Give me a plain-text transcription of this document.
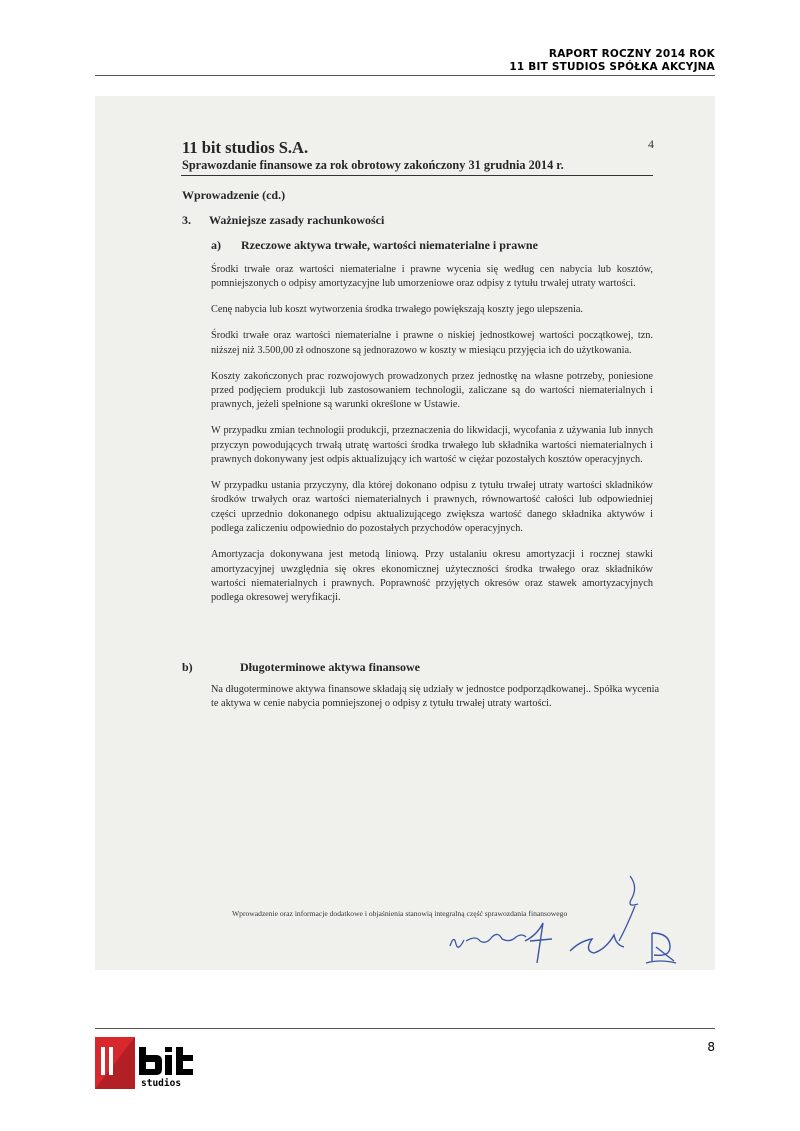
RAPORT ROCZNY 2014 ROK
11 BIT STUDIOS SPÓŁKA AKCYJNA
11 bit studios S.A.	4
Sprawozdanie finansowe za rok obrotowy zakończony 31 grudnia 2014 r.
Wprowadzenie (cd.)
3. Ważniejsze zasady rachunkowości
a) Rzeczowe aktywa trwałe, wartości niematerialne i prawne

Środki trwałe oraz wartości niematerialne i prawne wycenia się według cen nabycia lub kosztów, pomniejszonych o odpisy amortyzacyjne lub umorzeniowe oraz odpisy z tytułu trwałej utraty wartości.

Cenę nabycia lub koszt wytworzenia środka trwałego powiększają koszty jego ulepszenia.

Środki trwałe oraz wartości niematerialne i prawne o niskiej jednostkowej wartości początkowej, tzn. niższej niż 3.500,00 zł odnoszone są jednorazowo w koszty w miesiącu przyjęcia ich do użytkowania.

Koszty zakończonych prac rozwojowych prowadzonych przez jednostkę na własne potrzeby, poniesione przed podjęciem produkcji lub zastosowaniem technologii, zaliczane są do wartości niematerialnych i prawnych, jeżeli spełnione są warunki określone w Ustawie.

W przypadku zmian technologii produkcji, przeznaczenia do likwidacji, wycofania z używania lub innych przyczyn powodujących trwałą utratę wartości środka trwałego lub składnika wartości niematerialnych i prawnych dokonywany jest odpis aktualizujący ich wartość w ciężar pozostałych kosztów operacyjnych.

W przypadku ustania przyczyny, dla której dokonano odpisu z tytułu trwałej utraty wartości składników środków trwałych oraz wartości niematerialnych i prawnych, równowartość całości lub odpowiedniej części uprzednio dokonanego odpisu aktualizującego zwiększa wartość danego składnika aktywów i podlega zaliczeniu odpowiednio do pozostałych przychodów operacyjnych.

Amortyzacja dokonywana jest metodą liniową. Przy ustalaniu okresu amortyzacji i rocznej stawki amortyzacyjnej uwzględnia się okres ekonomicznej użyteczności środka trwałego oraz składników wartości niematerialnych i prawnych. Poprawność przyjętych okresów oraz stawek amortyzacyjnych podlega okresowej weryfikacji.

b)	Długoterminowe aktywa finansowe

Na długoterminowe aktywa finansowe składają się udziały w jednostce podporządkowanej.. Spółka wycenia te aktywa w cenie nabycia pomniejszonej o odpisy z tytułu trwałej utraty wartości.

Wprowadzenie oraz informacje dodatkowe i objaśnienia stanowią integralną część sprawozdania finansowego
studios
8
